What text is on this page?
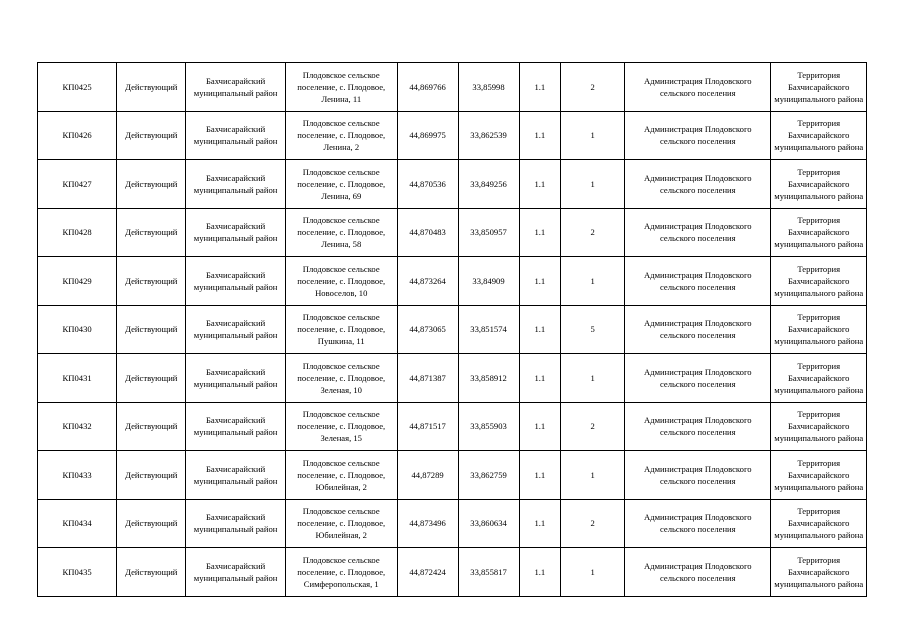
КП0425	Действующий	Бахчисарайский муниципальный район	Плодовское сельское поселение, с. Плодовое, Ленина, 11	44,869766	33,85998	1.1	2	Администрация Плодовского сельского поселения	Территория Бахчисарайского муниципального района
КП0426	Действующий	Бахчисарайский муниципальный район	Плодовское сельское поселение, с. Плодовое, Ленина, 2	44,869975	33,862539	1.1	1	Администрация Плодовского сельского поселения	Территория Бахчисарайского муниципального района
КП0427	Действующий	Бахчисарайский муниципальный район	Плодовское сельское поселение, с. Плодовое, Ленина, 69	44,870536	33,849256	1.1	1	Администрация Плодовского сельского поселения	Территория Бахчисарайского муниципального района
КП0428	Действующий	Бахчисарайский муниципальный район	Плодовское сельское поселение, с. Плодовое, Ленина, 58	44,870483	33,850957	1.1	2	Администрация Плодовского сельского поселения	Территория Бахчисарайского муниципального района
КП0429	Действующий	Бахчисарайский муниципальный район	Плодовское сельское поселение, с. Плодовое, Новоселов, 10	44,873264	33,84909	1.1	1	Администрация Плодовского сельского поселения	Территория Бахчисарайского муниципального района
КП0430	Действующий	Бахчисарайский муниципальный район	Плодовское сельское поселение, с. Плодовое, Пушкина, 11	44,873065	33,851574	1.1	5	Администрация Плодовского сельского поселения	Территория Бахчисарайского муниципального района
КП0431	Действующий	Бахчисарайский муниципальный район	Плодовское сельское поселение, с. Плодовое, Зеленая, 10	44,871387	33,858912	1.1	1	Администрация Плодовского сельского поселения	Территория Бахчисарайского муниципального района
КП0432	Действующий	Бахчисарайский муниципальный район	Плодовское сельское поселение, с. Плодовое, Зеленая, 15	44,871517	33,855903	1.1	2	Администрация Плодовского сельского поселения	Территория Бахчисарайского муниципального района
КП0433	Действующий	Бахчисарайский муниципальный район	Плодовское сельское поселение, с. Плодовое, Юбилейная, 2	44,87289	33,862759	1.1	1	Администрация Плодовского сельского поселения	Территория Бахчисарайского муниципального района
КП0434	Действующий	Бахчисарайский муниципальный район	Плодовское сельское поселение, с. Плодовое, Юбилейная, 2	44,873496	33,860634	1.1	2	Администрация Плодовского сельского поселения	Территория Бахчисарайского муниципального района
КП0435	Действующий	Бахчисарайский муниципальный район	Плодовское сельское поселение, с. Плодовое, Симферопольская, 1	44,872424	33,855817	1.1	1	Администрация Плодовского сельского поселения	Территория Бахчисарайского муниципального района
